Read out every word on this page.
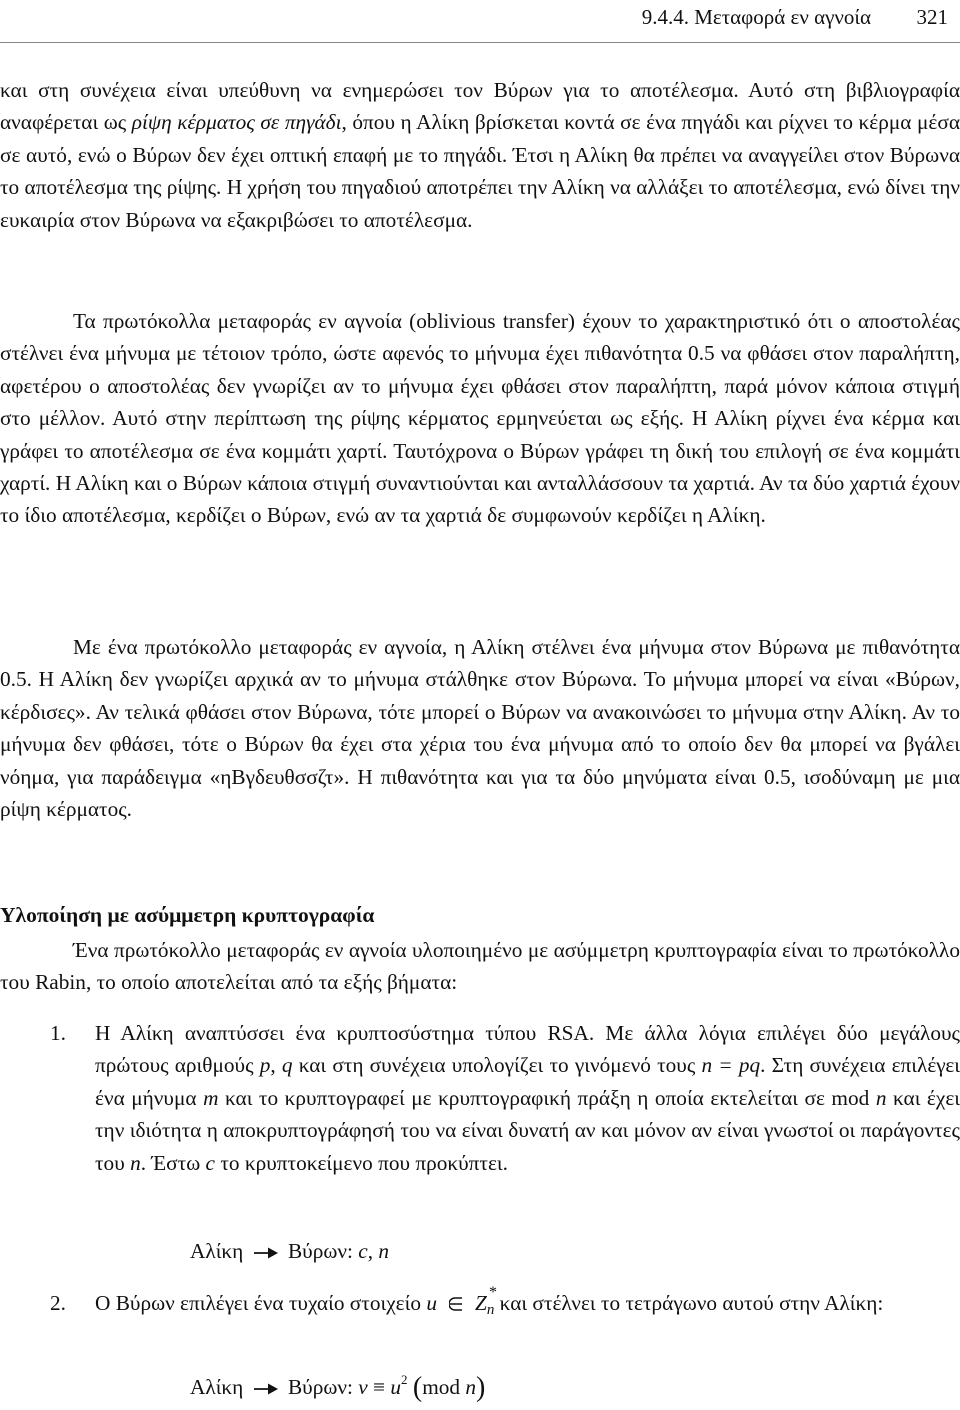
9.4.4. Μεταφορά εν αγνοία 321

και στη συνέχεια είναι υπεύθυνη να ενημερώσει τον Βύρων για το αποτέλεσμα. Αυτό στη βιβλιογραφία αναφέρεται ως ρίψη κέρματος σε πηγάδι, όπου η Αλίκη βρίσκεται κοντά σε ένα πηγάδι και ρίχνει το κέρμα μέσα σε αυτό, ενώ ο Βύρων δεν έχει οπτική επαφή με το πηγάδι. Έτσι η Αλίκη θα πρέπει να αναγγείλει στον Βύρωνα το αποτέλεσμα της ρίψης. Η χρήση του πηγαδιού αποτρέπει την Αλίκη να αλλάξει το αποτέλεσμα, ενώ δίνει την ευκαιρία στον Βύρωνα να εξακριβώσει το αποτέλεσμα.

Τα πρωτόκολλα μεταφοράς εν αγνοία (oblivious transfer) έχουν το χαρακτηριστικό ότι ο αποστολέας στέλνει ένα μήνυμα με τέτοιον τρόπο, ώστε αφενός το μήνυμα έχει πιθανότητα 0.5 να φθάσει στον παραλήπτη, αφετέρου ο αποστολέας δεν γνωρίζει αν το μήνυμα έχει φθάσει στον παραλήπτη, παρά μόνον κάποια στιγμή στο μέλλον. Αυτό στην περίπτωση της ρίψης κέρματος ερμηνεύεται ως εξής. Η Αλίκη ρίχνει ένα κέρμα και γράφει το αποτέλεσμα σε ένα κομμάτι χαρτί. Ταυτόχρονα ο Βύρων γράφει τη δική του επιλογή σε ένα κομμάτι χαρτί. Η Αλίκη και ο Βύρων κάποια στιγμή συναντιούνται και ανταλλάσσουν τα χαρτιά. Αν τα δύο χαρτιά έχουν το ίδιο αποτέλεσμα, κερδίζει ο Βύρων, ενώ αν τα χαρτιά δε συμφωνούν κερδίζει η Αλίκη.

Με ένα πρωτόκολλο μεταφοράς εν αγνοία, η Αλίκη στέλνει ένα μήνυμα στον Βύρωνα με πιθανότητα 0.5. Η Αλίκη δεν γνωρίζει αρχικά αν το μήνυμα στάλθηκε στον Βύρωνα. Το μήνυμα μπορεί να είναι «Βύρων, κέρδισες». Αν τελικά φθάσει στον Βύρωνα, τότε μπορεί ο Βύρων να ανακοινώσει το μήνυμα στην Αλίκη. Αν το μήνυμα δεν φθάσει, τότε ο Βύρων θα έχει στα χέρια του ένα μήνυμα από το οποίο δεν θα μπορεί να βγάλει νόημα, για παράδειγμα «ηΒγδευθσσζτ». Η πιθανότητα και για τα δύο μηνύματα είναι 0.5, ισοδύναμη με μια ρίψη κέρματος.

Υλοποίηση με ασύμμετρη κρυπτογραφία

Ένα πρωτόκολλο μεταφοράς εν αγνοία υλοποιημένο με ασύμμετρη κρυπτογραφία είναι το πρωτόκολλο του Rabin, το οποίο αποτελείται από τα εξής βήματα:

1. Η Αλίκη αναπτύσσει ένα κρυπτοσύστημα τύπου RSA. Με άλλα λόγια επιλέγει δύο μεγάλους πρώτους αριθμούς p, q και στη συνέχεια υπολογίζει το γινόμενό τους n = pq. Στη συνέχεια επιλέγει ένα μήνυμα m και το κρυπτογραφεί με κρυπτογραφική πράξη η οποία εκτελείται σε mod n και έχει την ιδιότητα η αποκρυπτογράφησή του να είναι δυνατή αν και μόνον αν είναι γνωστοί οι παράγοντες του n. Έστω c το κρυπτοκείμενο που προκύπτει.

Αλίκη Βύρων: c, n
2. Ο Βύρων επιλέγει ένα τυχαίο στοιχείο u Zn
*
και στέλνει το τετράγωνο αυτού στην Αλίκη:

Αλίκη Βύρων: $v \equiv u^2$ (mod n)
